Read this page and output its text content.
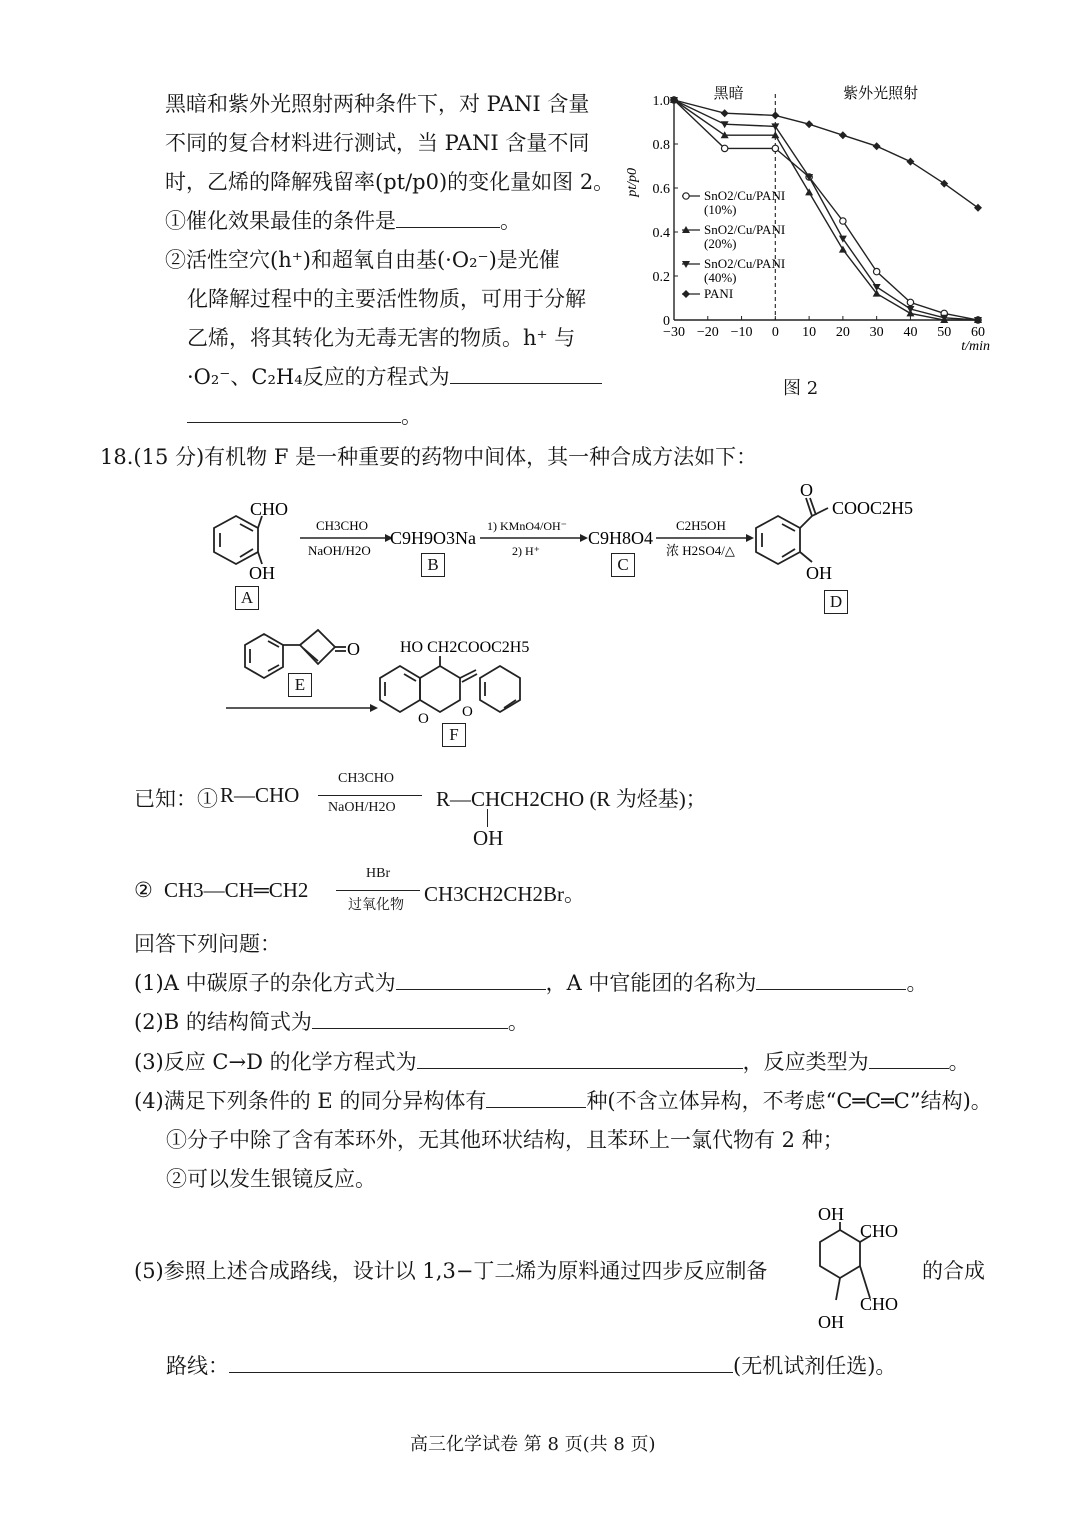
黑暗和紫外光照射两种条件下，对 PANI 含量
不同的复合材料进行测试，当 PANI 含量不同
时，乙烯的降解残留率(pt/p0)的变化量如图 2。
①催化效果最佳的条件是	。
②活性空穴(h⁺)和超氧自由基(·O₂⁻)是光催
化降解过程中的主要活性物质，可用于分解
乙烯，将其转化为无毒无害的物质。h⁺ 与
·O₂⁻、C₂H₄反应的方程式为
。
−30 −20 −10 0 10 20 30 40 50 60
0
0.2
0.4
0.6
0.8
1.0
t/min
pt/p0
黑暗	紫外光照射
SnO2/Cu/PANI
(10%)
SnO2/Cu/PANI
(20%)
SnO2/Cu/PANI
(40%)
PANI
图 2
18.(15 分)有机物 F 是一种重要的药物中间体，其一种合成方法如下：
CHO
OH
CH3CHO
NaOH/H2O
C9H9O3Na
1) KMnO4/OH⁻
2) H⁺
C9H8O4
C2H5OH
浓 H2SO4/△
O
COOC2H5
OH
O	HO CH2COOC2H5
O O
A
B	C
D
E
F
已知：① R—CHO
CH3CHO
NaOH/H2O R—CHCH2CHO (R 为烃基)；
OH
② CH3—CH═CH2
HBr
过氧化物 CH3CH2CH2Br。
回答下列问题：
(1)A 中碳原子的杂化方式为	，A 中官能团的名称为	。
(2)B 的结构简式为	。
(3)反应 C→D 的化学方程式为	，反应类型为	。
(4)满足下列条件的 E 的同分异构体有	种(不含立体异构，不考虑“C═C═C”结构)。
①分子中除了含有苯环外，无其他环状结构，且苯环上一氯代物有 2 种；
②可以发生银镜反应。
(5)参照上述合成路线，设计以 1,3−丁二烯为原料通过四步反应制备
OH
CHO
CHO
OH
的合成
路线：	(无机试剂任选)。
高三化学试卷 第 8 页(共 8 页)
